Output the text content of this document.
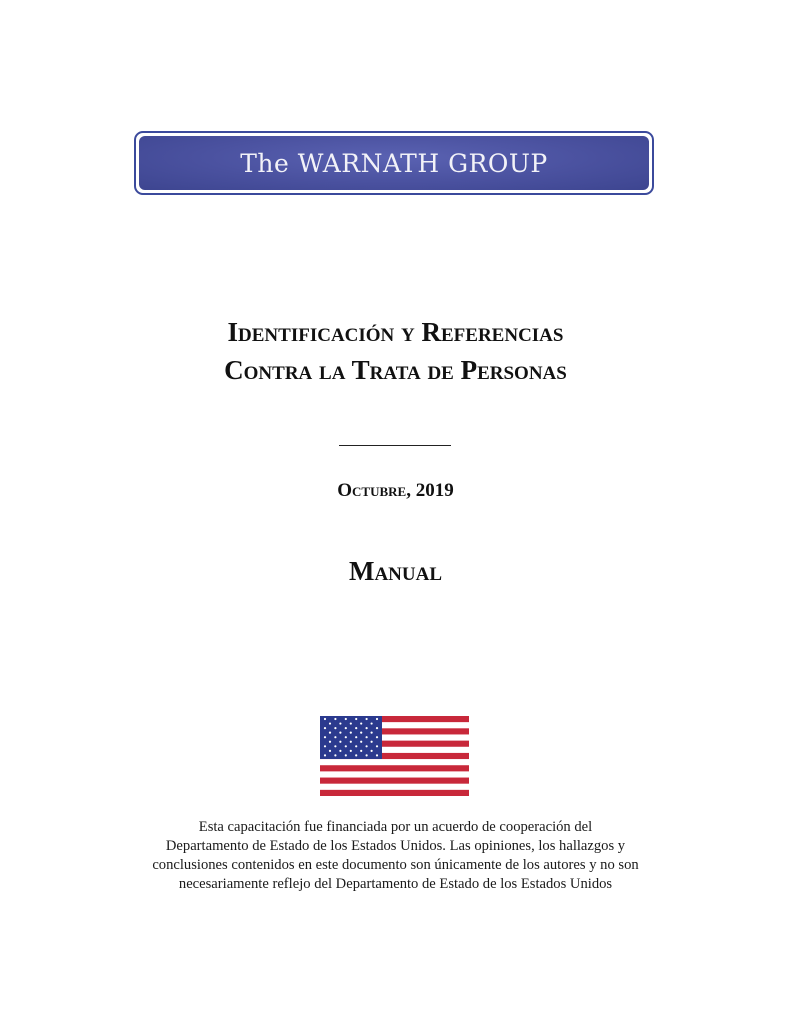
The WARNATH GROUP
Identificación y Referencias
Contra la Trata de Personas
Octubre, 2019
Manual
Esta capacitación fue financiada por un acuerdo de cooperación del
Departamento de Estado de los Estados Unidos. Las opiniones, los hallazgos y
conclusiones contenidos en este documento son únicamente de los autores y no son
necesariamente reflejo del Departamento de Estado de los Estados Unidos
